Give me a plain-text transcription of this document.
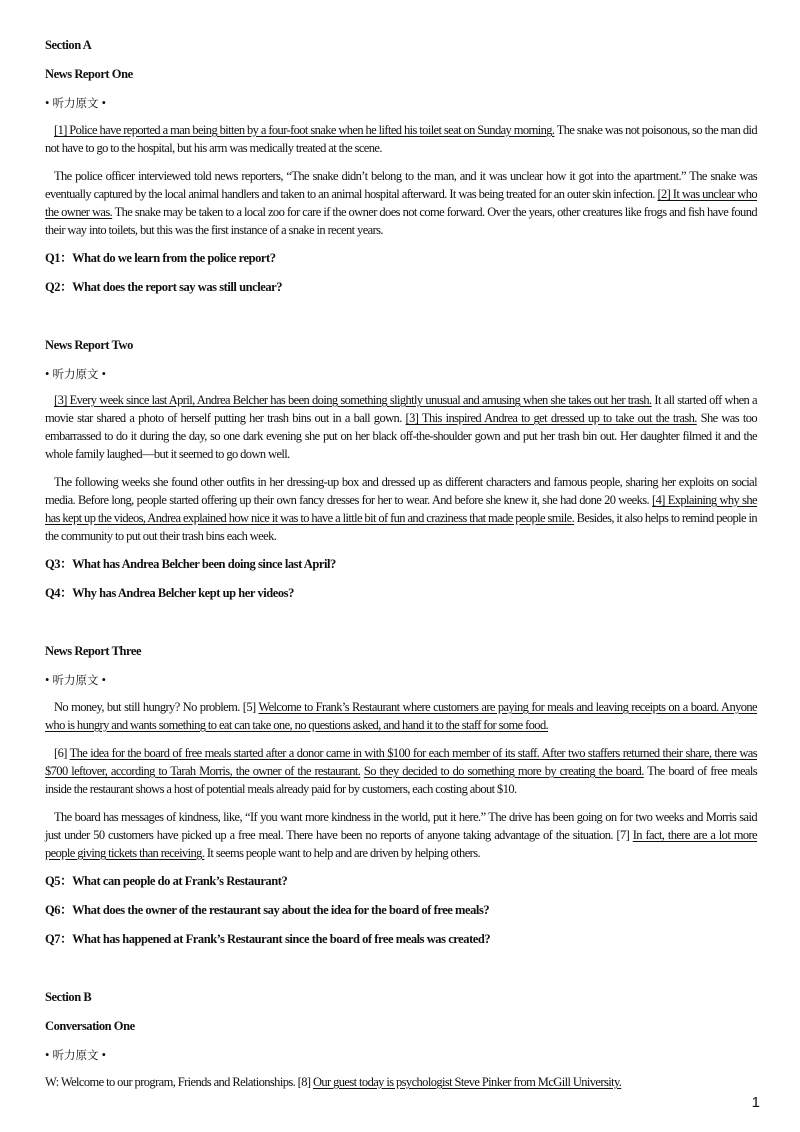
Section A

News Report One

• 听力原文 •

[1] Police have reported a man being bitten by a four-foot snake when he lifted his toilet seat on Sunday morning. The snake was not poisonous, so the man did not have to go to the hospital, but his arm was medically treated at the scene.

The police officer interviewed told news reporters, “The snake didn’t belong to the man, and it was unclear how it got into the apartment.” The snake was eventually captured by the local animal handlers and taken to an animal hospital afterward. It was being treated for an outer skin infection. [2] It was unclear who the owner was. The snake may be taken to a local zoo for care if the owner does not come forward. Over the years, other creatures like frogs and fish have found their way into toilets, but this was the first instance of a snake in recent years.

Q1：What do we learn from the police report?

Q2：What does the report say was still unclear?

News Report Two

• 听力原文 •

[3] Every week since last April, Andrea Belcher has been doing something slightly unusual and amusing when she takes out her trash. It all started off when a movie star shared a photo of herself putting her trash bins out in a ball gown. [3] This inspired Andrea to get dressed up to take out the trash. She was too embarrassed to do it during the day, so one dark evening she put on her black off-the-shoulder gown and put her trash bin out. Her daughter filmed it and the whole family laughed—but it seemed to go down well.

The following weeks she found other outfits in her dressing-up box and dressed up as different characters and famous people, sharing her exploits on social media. Before long, people started offering up their own fancy dresses for her to wear. And before she knew it, she had done 20 weeks. [4] Explaining why she has kept up the videos, Andrea explained how nice it was to have a little bit of fun and craziness that made people smile. Besides, it also helps to remind people in the community to put out their trash bins each week.

Q3：What has Andrea Belcher been doing since last April?

Q4：Why has Andrea Belcher kept up her videos?

News Report Three

• 听力原文 •

No money, but still hungry? No problem. [5] Welcome to Frank’s Restaurant where customers are paying for meals and leaving receipts on a board. Anyone who is hungry and wants something to eat can take one, no questions asked, and hand it to the staff for some food.

[6] The idea for the board of free meals started after a donor came in with $100 for each member of its staff. After two staffers returned their share, there was $700 leftover, according to Tarah Morris, the owner of the restaurant. So they decided to do something more by creating the board. The board of free meals inside the restaurant shows a host of potential meals already paid for by customers, each costing about $10.

The board has messages of kindness, like, “If you want more kindness in the world, put it here.” The drive has been going on for two weeks and Morris said just under 50 customers have picked up a free meal. There have been no reports of anyone taking advantage of the situation. [7] In fact, there are a lot more people giving tickets than receiving. It seems people want to help and are driven by helping others.

Q5：What can people do at Frank’s Restaurant?

Q6：What does the owner of the restaurant say about the idea for the board of free meals?

Q7：What has happened at Frank’s Restaurant since the board of free meals was created?

Section B

Conversation One

• 听力原文 •

W: Welcome to our program, Friends and Relationships. [8] Our guest today is psychologist Steve Pinker from McGill University.

1
